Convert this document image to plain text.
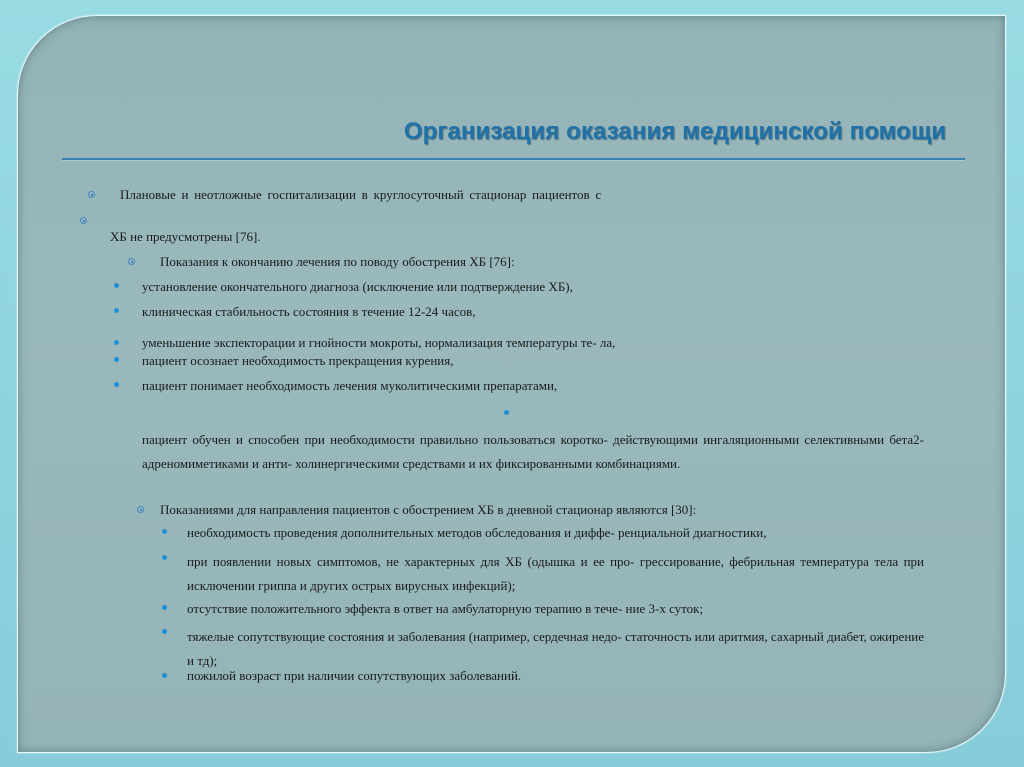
Организация оказания медицинской помощи
Плановые и неотложные госпитализации в круглосуточный стационар пациентов с
ХБ не предусмотрены [76].
Показания к окончанию лечения по поводу обострения ХБ [76]:
установление окончательного диагноза (исключение или подтверждение ХБ),
клиническая стабильность состояния в течение 12-24 часов,
уменьшение экспекторации и гнойности мокроты, нормализация температуры те- ла,
пациент осознает необходимость прекращения курения,
пациент понимает необходимость лечения муколитическими препаратами,
пациент обучен и способен при необходимости правильно пользоваться коротко- действующими ингаляционными селективными бета2-адреномиметиками и анти- холинергическими средствами и их фиксированными комбинациями.
Показаниями для направления пациентов с обострением ХБ в дневной стационар являются [30]:
необходимость проведения дополнительных методов обследования и диффе- ренциальной диагностики,
при появлении новых симптомов, не характерных для ХБ (одышка и ее про- грессирование, фебрильная температура тела при исключении гриппа и других острых вирусных инфекций);
отсутствие положительного эффекта в ответ на амбулаторную терапию в тече- ние 3-х суток;
тяжелые сопутствующие состояния и заболевания (например, сердечная недо- статочность или аритмия, сахарный диабет, ожирение и тд);
пожилой возраст при наличии сопутствующих заболеваний.
